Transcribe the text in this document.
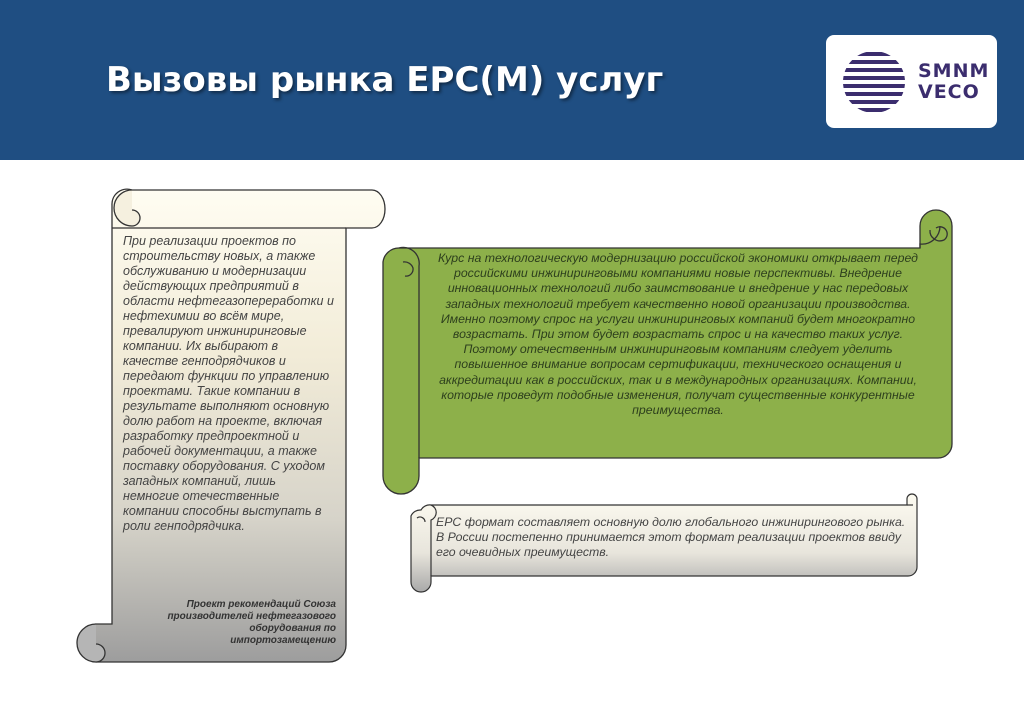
Вызовы рынка EPC(M) услуг	SMNM
VECO
При реализации проектов по строительству новых, а также обслуживанию и модернизации действующих предприятий в области нефтегазопереработки и нефтехимии во всём мире, превалируют инжиниринговые компании. Их выбирают в качестве генподрядчиков и передают функции по управлению проектами. Такие компании в результате выполняют основную долю работ на проекте, включая разработку предпроектной и рабочей документации, а также поставку оборудования. С уходом западных компаний, лишь немногие отечественные компании способны выступать в роли генподрядчика.
Проект рекомендаций Союза производителей нефтегазового оборудования по импортозамещению
Курс на технологическую модернизацию российской экономики открывает перед российскими инжиниринговыми компаниями новые перспективы. Внедрение инновационных технологий либо заимствование и внедрение у нас передовых западных технологий требует качественно новой организации производства. Именно поэтому спрос на услуги инжиниринговых компаний будет многократно возрастать. При этом будет возрастать спрос и на качество таких услуг. Поэтому отечественным инжиниринговым компаниям следует уделить повышенное внимание вопросам сертификации, технического оснащения и аккредитации как в российских, так и в международных организациях. Компании, которые проведут подобные изменения, получат существенные конкурентные преимущества.
EPC формат составляет основную долю глобального инжинирингового рынка. В России постепенно принимается этот формат реализации проектов ввиду его очевидных преимуществ.
